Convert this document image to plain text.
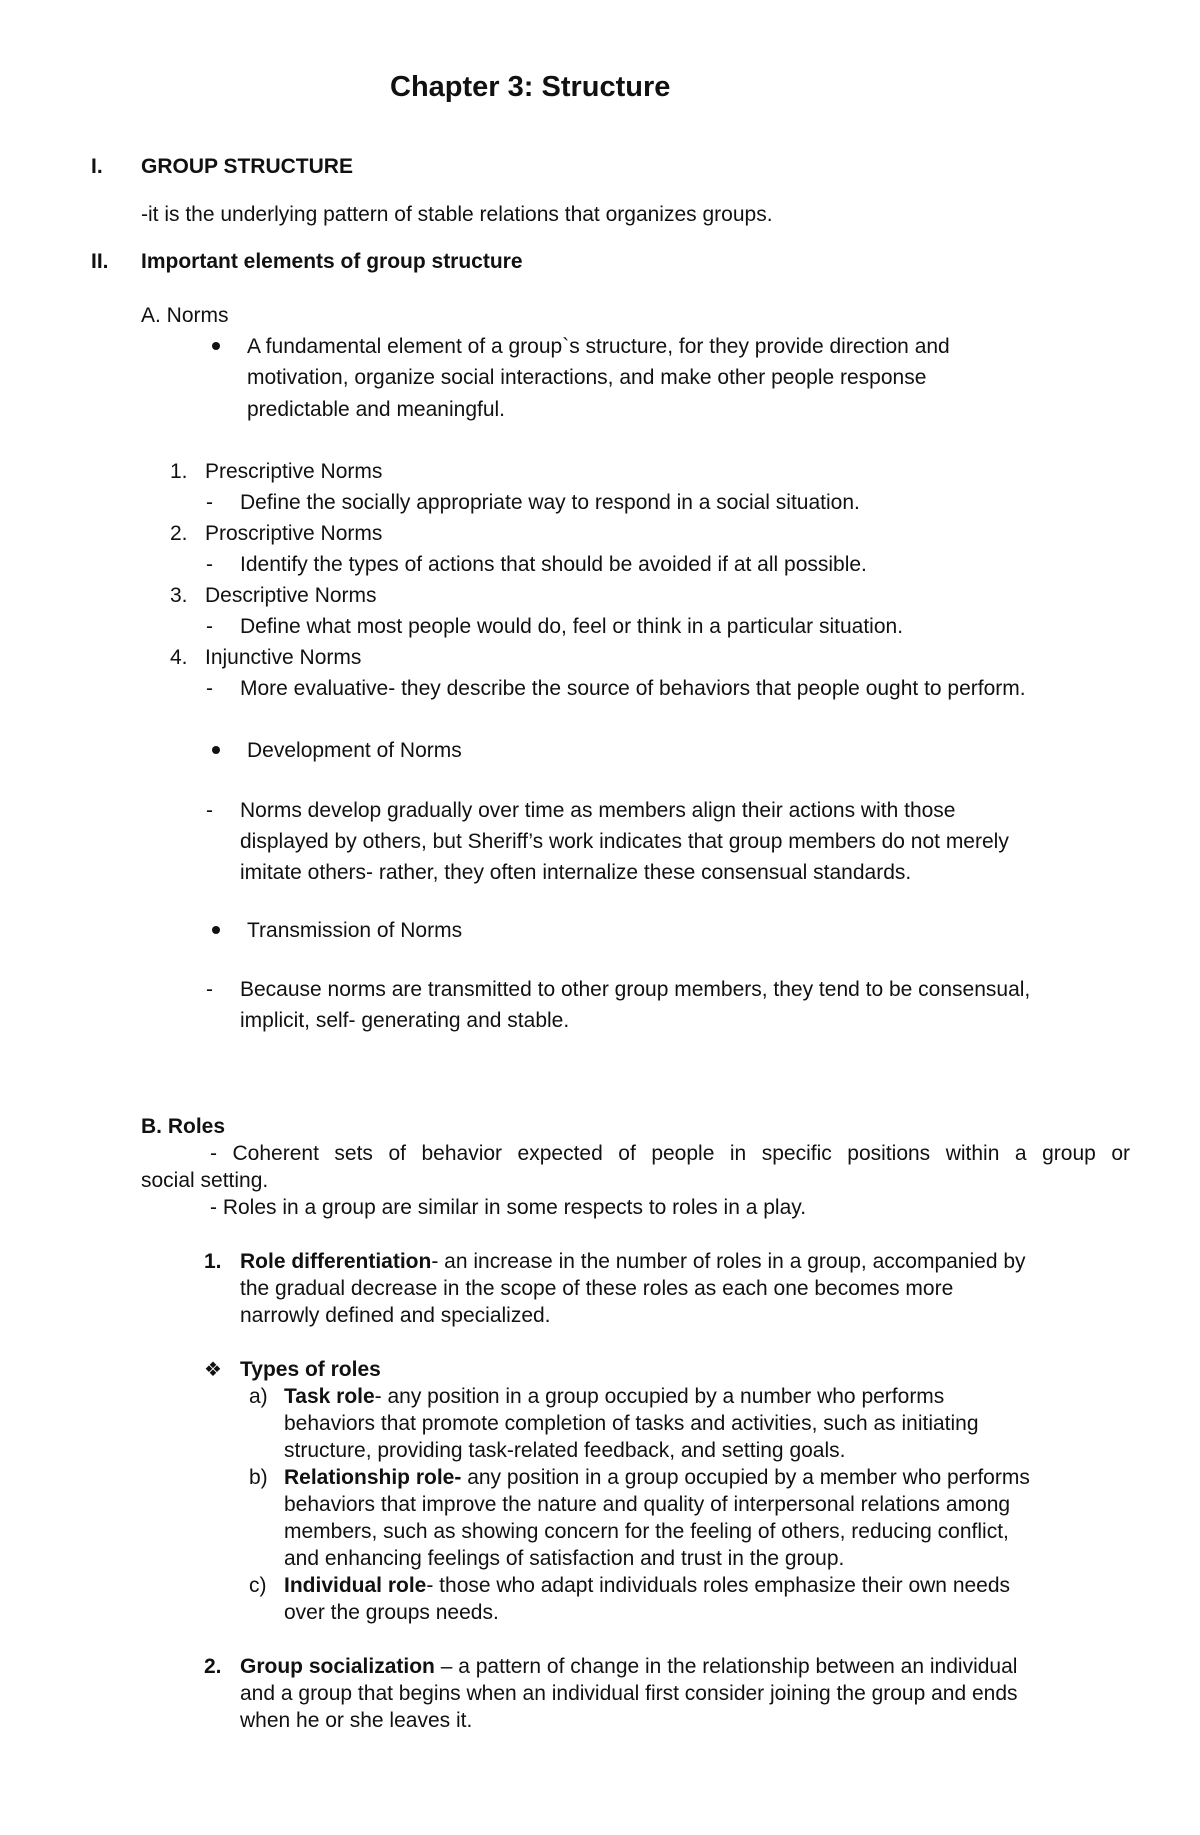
Chapter 3: Structure
I. GROUP STRUCTURE
-it is the underlying pattern of stable relations that organizes groups.
II. Important elements of group structure
A. Norms
A fundamental element of a group`s structure, for they provide direction and
motivation, organize social interactions, and make other people response
predictable and meaningful.
1. Prescriptive Norms
- Define the socially appropriate way to respond in a social situation.
2. Proscriptive Norms
- Identify the types of actions that should be avoided if at all possible.
3. Descriptive Norms
- Define what most people would do, feel or think in a particular situation.
4. Injunctive Norms
- More evaluative- they describe the source of behaviors that people ought to perform.
Development of Norms
- Norms develop gradually over time as members align their actions with those
displayed by others, but Sheriff’s work indicates that group members do not merely
imitate others- rather, they often internalize these consensual standards.
Transmission of Norms
- Because norms are transmitted to other group members, they tend to be consensual,
implicit, self- generating and stable.
B. Roles
- Coherent sets of behavior expected of people in specific positions within a group or
social setting.
- Roles in a group are similar in some respects to roles in a play.
1. Role differentiation- an increase in the number of roles in a group, accompanied by
the gradual decrease in the scope of these roles as each one becomes more
narrowly defined and specialized.
❖ Types of roles
a) Task role- any position in a group occupied by a number who performs
behaviors that promote completion of tasks and activities, such as initiating
structure, providing task-related feedback, and setting goals.
b) Relationship role- any position in a group occupied by a member who performs
behaviors that improve the nature and quality of interpersonal relations among
members, such as showing concern for the feeling of others, reducing conflict,
and enhancing feelings of satisfaction and trust in the group.
c) Individual role- those who adapt individuals roles emphasize their own needs
over the groups needs.
2. Group socialization – a pattern of change in the relationship between an individual
and a group that begins when an individual first consider joining the group and ends
when he or she leaves it.
